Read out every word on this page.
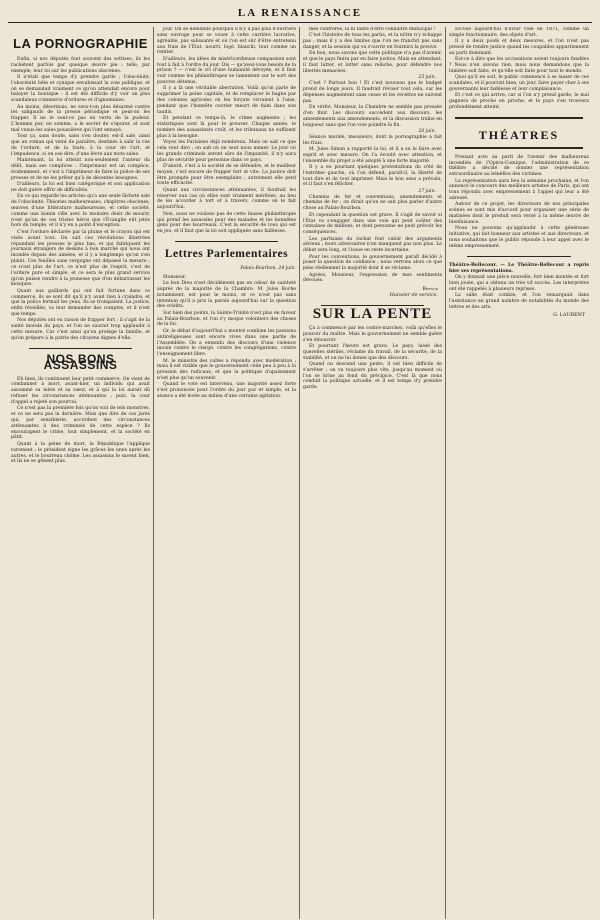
LA RENAISSANCE
LA PORNOGRAPHIE

Enfin, si nos députés font souvent des sottises, ils les rachètent parfois par quelque œuvre pie : telle, par exemple, leur loi sur les publications obscènes.

Il n'était que temps d'y prendre garde ; l'obscénité, l'obscénité bête et cynique envahissait la voie publique, et on se demandait vraiment ce qu'on attendait encore pour balayer la boutique : il est été difficile d'y voir un plus scandaleux commerce d'ordures et d'ignominies.

Au moins, désormais, ne sera-t-on plus désarmé contre les saligauds de la presse périodique et peut-on les frapper. Il ne le sont-ce pas en vertu de la pudeur. L'homme pur, en somme, a le secret de s'épurer, et sont mal venus les sales poussières qui l'ont ennuyé.

Tout ça, sans doute, sans s'en douter, est-il sale, ainsi que un roman qui vient de paraître, destinés à salir la rue de l'ordure, et de la faute, à la cour de l'art, et l'impudence, si on ose dire, d'une lèvre aux mots sales.

Maintenant, la loi atteint non-seulement l'auteur du délit, mais ses complices : l'imprimeur est un complice, évidemment, et c'est à l'imprimeur de faire la police de ses presses et de ne les prêter qu'à de décentes besognes.

D'ailleurs, la loi est bien catégorique et son application ne doit guère offrir de difficultés.

En ce qui regarde les articles qu'a une seule lâcheté sale de l'obscénité. Théories malheureuses, chapitres obscènes, œuvres d'une littérature malheureuse, et cette société, comme une bonne ville avec le moindre désir de mourir, n'est qu'un de ces tristes héros que l'Évangile eût jetés hors du temple, et il n'y en a point d'exception.

C'est l'ordure déclarée par la plume et le crayon qui est visée avant tout. On sait ces révolutions illustrées répandant les presses le plus bas, et qui fabriquent les journaux étrangers de dessins à bon marché qui nous ont inondés depuis des années, et il y a longtemps qu'on s'en plaint. Ces feuilles sans vergogne ont dépassé la mesure ; ce n'est plus de l'art, ce n'est plus de l'esprit, c'est de l'ordure pure et simple, et ce sera le plus grand service qu'on puisse rendre à la jeunesse que d'en débarrasser les kiosques.

Quant aux gaillards qui ont fait fortune dans ce commerce, ils se sont dit qu'il n'y avait rien à craindre, et que la police fermait les yeux. Ils se trompaient. La justice, enfin réveillée, va leur demander des comptes, et il n'est que temps.

Nos députés ont eu raison de frapper fort ; il s'agit de la santé morale du pays, et l'on ne saurait trop applaudir à cette mesure. Car c'est ainsi qu'on protège la famille, et qu'on prépare à la patrie des citoyens dignes d'elle.

NOS BONS ASSASSINS

Eh bien, ils continuent leur petit commerce. On vient de condamner à mort, avant-hier, un individu qui avait assommé sa mère et sa sœur, et à qui la loi aurait dû refuser les circonstances atténuantes ; puis, la cour d'appel a rejeté son pourvoi.

Ce n'est pas la première fois qu'on voit de tels monstres, et ce ne sera pas la dernière. Mais que dire de ces jurés qui, par sensiblerie, accordent des circonstances atténuantes à des criminels de cette espèce ? Ils encouragent le crime, tout simplement, et la société en pâtit.

Quant à la peine de mort, la République l'applique rarement ; le président signe les grâces les unes après les autres, et le bourreau chôme. Les assassins le savent bien, et ils ne se gênent plus.

jour. On se demande pourquoi il n'y a pas plus d'ouvriers sans ouvrage pour se vouer à cette carrière lucrative, agréable, pas salissante et où l'on est sûr d'être entretenu aux frais de l'État, nourri, logé, blanchi, tout comme un rentier.

D'ailleurs, les idées de miséricordieuse compassion sont tout à fait à l'ordre du jour. Dis — qu'avez-vous besoin de la prison ? — c'est le cri d'une humanité dévoyée, et il faut voir comme les philanthropes se lamentent sur le sort des pauvres détenus.

Il y a là une véritable aberration. Voilà qu'on parle de supprimer la peine capitale, et de remplacer le bagne par des colonies agricoles où les forçats vivraient à l'aise, pendant que l'honnête ouvrier meurt de faim dans son taudis.

Et pendant ce temps-là, le crime augmente ; les statistiques sont là pour le prouver. Chaque année, le nombre des assassinats croît, et les tribunaux ne suffisent plus à la besogne.

Voyez les Parisiens déjà nombreux. Mais on sait ce que cela veut dire ; on sait où on veut nous mener. Le jour où les grands criminels seront sûrs de l'impunité, il n'y aura plus de sécurité pour personne dans ce pays.

D'abord, c'est à la société de se défendre, et le meilleur moyen, c'est encore de frapper fort et vite. La justice doit être prompte pour être exemplaire ; autrement elle perd toute efficacité.

Quant aux circonstances atténuantes, il faudrait les réserver aux cas où elles sont vraiment méritées, au lieu de les accorder à tort et à travers, comme on le fait aujourd'hui.

Non, nous ne voulons pas de cette fausse philanthropie qui prend les assassins pour des malades et les honnêtes gens pour des bourreaux. C'est la sécurité de tous qui est en jeu, et il faut que la loi soit appliquée sans faiblesse.

Lettres Parlementaires
Palais-Bourbon, 24 juin.

Monsieur,

Le bon Dieu n'est décidément pas en odeur de sainteté auprès de la majorité de la Chambre. M. Jules Roche notamment, est pour le moins, et ce n'est pas sans intention qu'il a pris la parole aujourd'hui sur la question des crédits.

Sur bien des points, la Sainte-Trinité n'est plus en faveur au Palais-Bourbon, et l'on s'y moque volontiers des choses de la foi.

Or, le débat d'aujourd'hui a montré combien les passions antireligieuses sont encore vives dans une partie de l'Assemblée. On a entendu des discours d'une violence inouïe contre le clergé, contre les congrégations, contre l'enseignement libre.

M. le ministre des cultes a répondu avec modération ; mais il est visible que le gouvernement cède peu à peu à la pression des radicaux, et que la politique d'apaisement n'est plus qu'un souvenir.

Quand le vote est intervenu, une majorité assez forte s'est prononcée pour l'ordre du jour pur et simple, et la séance a été levée au milieu d'une certaine agitation.

mes confrères, la ni tante d'être connaître municipal !

C'est l'histoire de tous les partis, et la nôtre n'y échappe pas ; mais il y a des limites que l'on ne franchit pas sans danger, et la session qui va s'ouvrir en fournira la preuve.

En bon, nous savons que cette politique n'a pas d'avenir, et que le pays finira par en faire justice. Mais en attendant, il faut lutter, et lutter sans relâche, pour défendre nos libertés menacées.

25 juin.

C'est ? Partout bon ! Et c'est nouveau que le budget prend de longs jours. Il faudrait réviser tout cela, car les dépenses augmentent sans cesse et les recettes ne suivent pas.

En vérité, Monsieur, la Chambre ne semble pas pressée d'en finir. Les discours succèdent aux discours, les amendements aux amendements, et la discussion traîne en longueur sans que l'on voie poindre la fin.

26 juin.

Séance morale, messieurs, dont la pornographie a fait les frais.

M. Jules Simon a rapporté la loi, et il a su le faire avec esprit et avec mesure. On l'a écouté avec attention, et l'ensemble du projet a été adopté à une forte majorité.

Il y a eu pourtant quelques protestations du côté de l'extrême gauche, où l'on défend, paraît-il, la liberté de tout dire et de tout imprimer. Mais le bon sens a prévalu, et il faut s'en féliciter.

27 juin.

Chemins de fer et conventions, amendements et chemins de fer ; on dirait qu'on ne sait plus parler d'autre chose au Palais-Bourbon.

Et cependant la question est grave. Il s'agit de savoir si l'État va s'engager dans une voie qui peut coûter des centaines de millions, et dont personne ne peut prévoir les conséquences.

Les partisans du rachat font valoir des arguments sérieux ; leurs adversaires n'en manquent pas non plus. Le débat sera long, et l'issue en reste incertaine.

Pour les conventions, le gouvernement paraît décidé à poser la question de confiance ; nous verrons alors ce que pèse réellement la majorité dont il se réclame.

Agréez, Monsieur, l'expression de mes sentiments dévoués.

Bernod
Huissier de service.
SUR LA PENTE

Ça a commencé par les contre-marches, voilà qu'elles le pouvoir du maître. Mais le gouvernement ne semble guère s'en émouvoir.

Et pourtant l'heure est grave. Le pays, lassé des querelles stériles, réclame du travail, de la sécurité, de la stabilité, et on ne lui donne que des discours.

Quand on descend une pente, il est bien difficile de s'arrêter ; on va toujours plus vite, jusqu'au moment où l'on se brise au fond du précipice. C'est là que nous conduit la politique actuelle, et il est temps d'y prendre garde.

accusé aujourd'hui d'avoir volé en 1871, comme un simple fonctionnaire, des objets d'art.

Il y a deux poids et deux mesures, et l'on n'est pas pressé de rendre justice quand les coupables appartiennent au parti dominant.

Est-ce à dire que les accusations soient toujours fondées ? Nous n'en savons rien, mais nous demandons que la lumière soit faite, et qu'elle soit faite pour tout le monde.

Quoi qu'il en soit, le public commence à se lasser de ces scandales, et il pourrait bien, un jour, faire payer cher à ses gouvernants leur faiblesse et leur complaisance.

Et c'est ce qui arrive, car si l'on n'y prend garde, le mal gagnera de proche en proche, et le pays s'en trouvera profondément atteint.

THÉATRES

Prenant acte au parti de l'avenir des malheureux incendiés de l'Opéra-Comique, l'administration de ce théâtre a décidé de donner une représentation extraordinaire au bénéfice des victimes.

La représentation aura lieu la semaine prochaine, et l'on annonce le concours des meilleurs artistes de Paris, qui ont tous répondu avec empressement à l'appel qui leur a été adressé.

Autour de ce projet, les directeurs de nos principales scènes se sont mis d'accord pour organiser une série de matinées dont le produit sera versé à la même œuvre de bienfaisance.

Nous ne pouvons qu'applaudir à cette généreuse initiative, qui fait honneur aux artistes et aux directeurs, et nous souhaitons que le public réponde à leur appel avec le même empressement.

Théâtre-Bellecour. — Le Théâtre-Bellecour a repris hier ses représentations.

On y donnait une pièce nouvelle, fort bien montée et fort bien jouée, qui a obtenu un très vif succès. Les interprètes ont été rappelés à plusieurs reprises.

La salle était comble, et l'on remarquait dans l'assistance un grand nombre de notabilités du monde des lettres et des arts.

G. LAURENT
